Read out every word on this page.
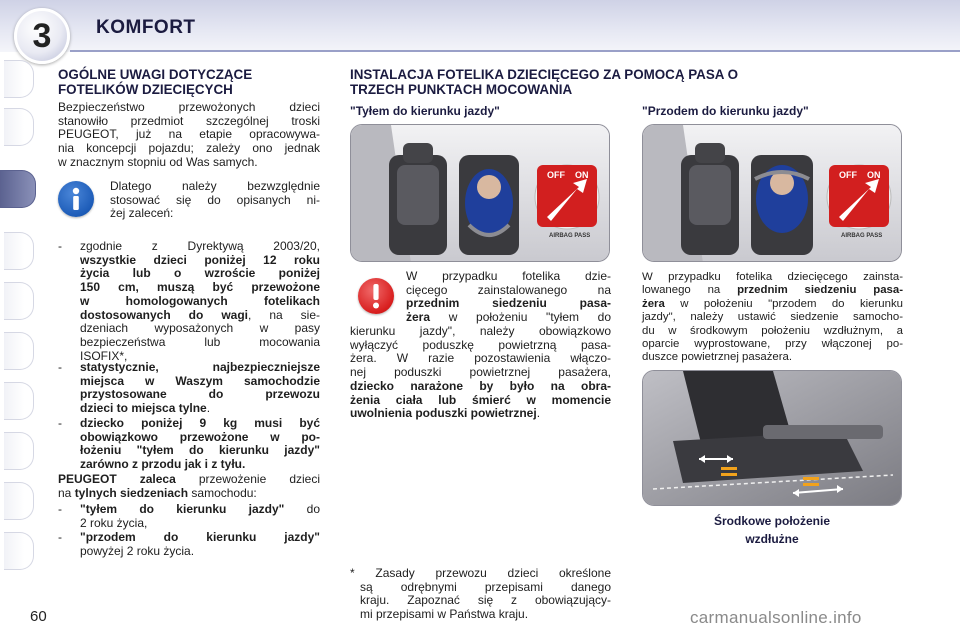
3	KOMFORT
OGÓLNE UWAGI DOTYCZĄCE
FOTELIKÓW DZIECIĘCYCH
Bezpieczeństwo przewożonych dzieci
stanowiło przedmiot szczególnej troski
PEUGEOT, już na etapie opracowywa-
nia koncepcji pojazdu; zależy ono jednak
w znacznym stopniu od Was samych.
Dlatego należy bezwzględnie
stosować się do opisanych ni-
żej zaleceń:
- zgodnie z Dyrektywą 2003/20,
wszystkie dzieci poniżej 12 roku
życia lub o wzroście poniżej
150 cm, muszą być przewożone
w homologowanych fotelikach
dostosowanych do wagi, na sie-
dzeniach wyposażonych w pasy
bezpieczeństwa lub mocowania
ISOFIX*,
- statystycznie, najbezpieczniejsze
miejsca w Waszym samochodzie
przystosowane do przewozu
dzieci to miejsca tylne.
- dziecko poniżej 9 kg musi być
obowiązkowo przewożone w po-
łożeniu "tyłem do kierunku jazdy"
zarówno z przodu jak i z tyłu.
PEUGEOT zaleca przewożenie dzieci
na tylnych siedzeniach samochodu:
- "tyłem do kierunku jazdy" do
2 roku życia,
- "przodem do kierunku jazdy"
powyżej 2 roku życia.
INSTALACJA FOTELIKA DZIECIĘCEGO ZA POMOCĄ PASA O
TRZECH PUNKTACH MOCOWANIA
"Tyłem do kierunku jazdy"	"Przodem do kierunku jazdy"
OFF ON
AIRBAG PASS
OFF ON
AIRBAG PASS
W przypadku fotelika dzie-
cięcego zainstalowanego na
przednim siedzeniu pasa-
żera w położeniu "tyłem do
kierunku jazdy", należy obowiązkowo
wyłączyć poduszkę powietrzną pasa-
żera. W razie pozostawienia włączo-
nej poduszki powietrznej pasażera,
dziecko narażone by było na obra-
żenia ciała lub śmierć w momencie
uwolnienia poduszki powietrznej.
W przypadku fotelika dziecięcego zainsta-
lowanego na przednim siedzeniu pasa-
żera w położeniu "przodem do kierunku
jazdy", należy ustawić siedzenie samocho-
du w środkowym położeniu wzdłużnym, a
oparcie wyprostowane, przy włączonej po-
duszce powietrznej pasażera.
Środkowe położenie
wzdłużne
* Zasady przewozu dzieci określone
są odrębnymi przepisami danego
kraju. Zapoznać się z obowiązujący-
mi przepisami w Państwa kraju.
60	carmanualsonline.info
